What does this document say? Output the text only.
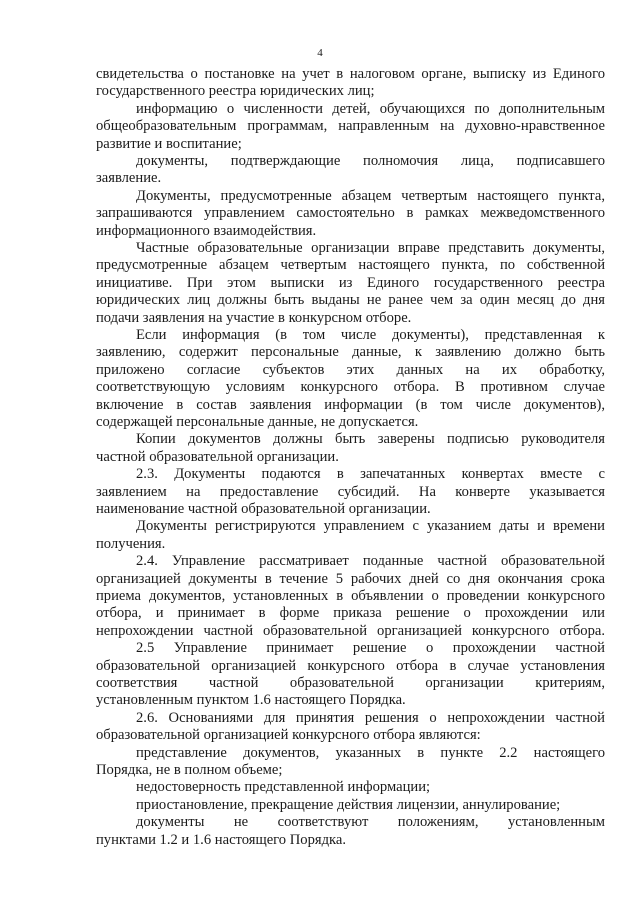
4
свидетельства о постановке на учет в налоговом органе, выписку из Единого
государственного реестра юридических лиц;
информацию о численности детей, обучающихся по дополнительным
общеобразовательным программам, направленным на духовно-нравственное
развитие и воспитание;
документы, подтверждающие полномочия лица, подписавшего
заявление.
Документы, предусмотренные абзацем четвертым настоящего пункта,
запрашиваются управлением самостоятельно в рамках межведомственного
информационного взаимодействия.
Частные образовательные организации вправе представить документы,
предусмотренные абзацем четвертым настоящего пункта, по собственной
инициативе. При этом выписки из Единого государственного реестра
юридических лиц должны быть выданы не ранее чем за один месяц до дня
подачи заявления на участие в конкурсном отборе.
Если информация (в том числе документы), представленная к
заявлению, содержит персональные данные, к заявлению должно быть
приложено согласие субъектов этих данных на их обработку,
соответствующую условиям конкурсного отбора. В противном случае
включение в состав заявления информации (в том числе документов),
содержащей персональные данные, не допускается.
Копии документов должны быть заверены подписью руководителя
частной образовательной организации.
2.3. Документы подаются в запечатанных конвертах вместе с
заявлением на предоставление субсидий. На конверте указывается
наименование частной образовательной организации.
Документы регистрируются управлением с указанием даты и времени
получения.
2.4. Управление рассматривает поданные частной образовательной
организацией документы в течение 5 рабочих дней со дня окончания срока
приема документов, установленных в объявлении о проведении конкурсного
отбора, и принимает в форме приказа решение о прохождении или
непрохождении частной образовательной организацией конкурсного отбора.
2.5 Управление принимает решение о прохождении частной
образовательной организацией конкурсного отбора в случае установления
соответствия частной образовательной организации критериям,
установленным пунктом 1.6 настоящего Порядка.
2.6. Основаниями для принятия решения о непрохождении частной
образовательной организацией конкурсного отбора являются:
представление документов, указанных в пункте 2.2 настоящего
Порядка, не в полном объеме;
недостоверность представленной информации;
приостановление, прекращение действия лицензии, аннулирование;
документы не соответствуют положениям, установленным
пунктами 1.2 и 1.6 настоящего Порядка.
